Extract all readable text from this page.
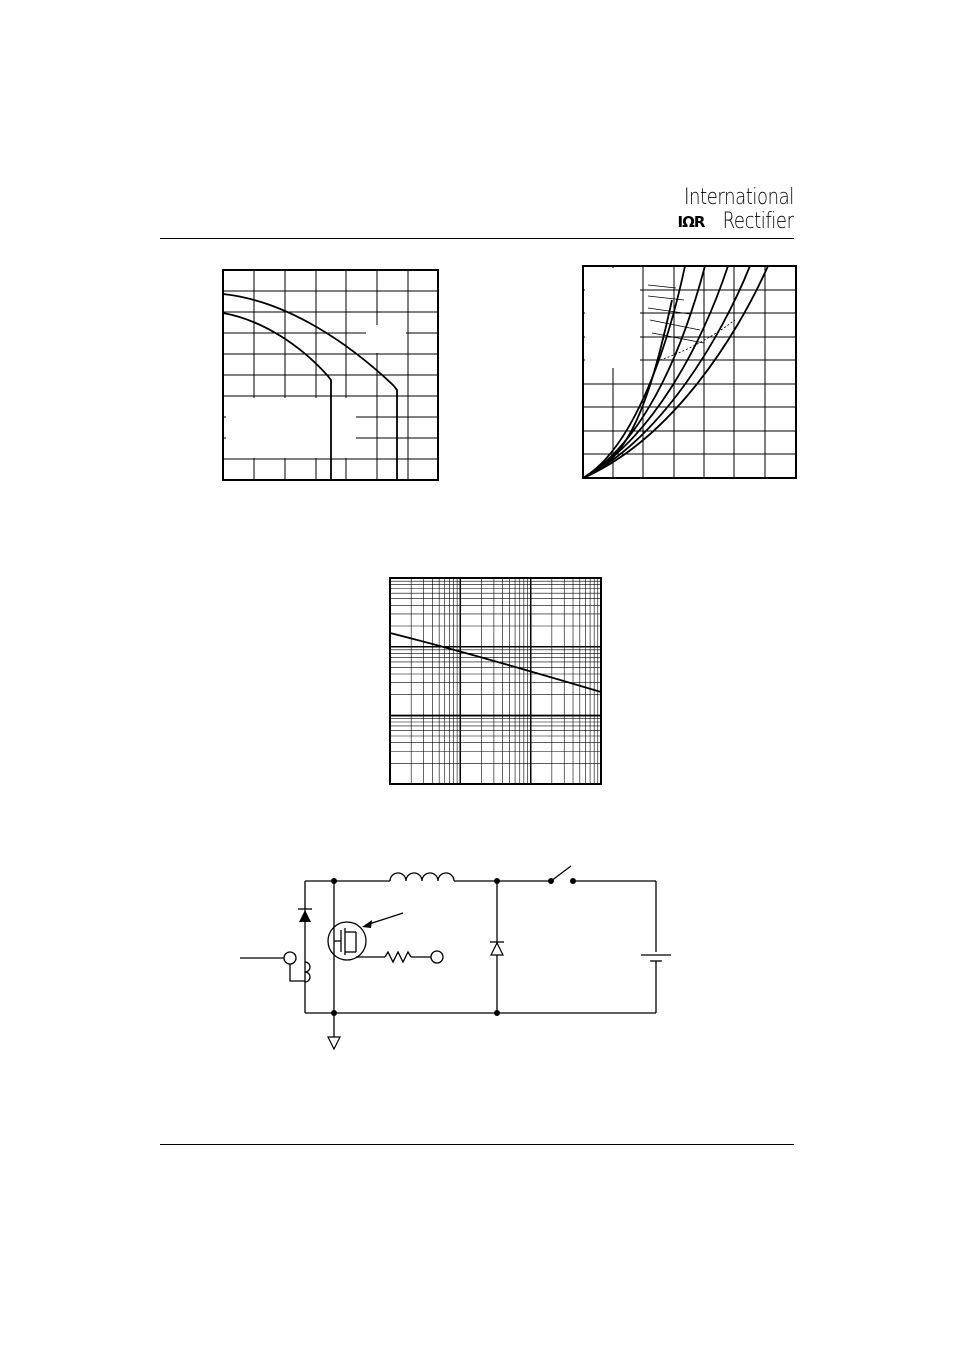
International
IΩR Rectifier
